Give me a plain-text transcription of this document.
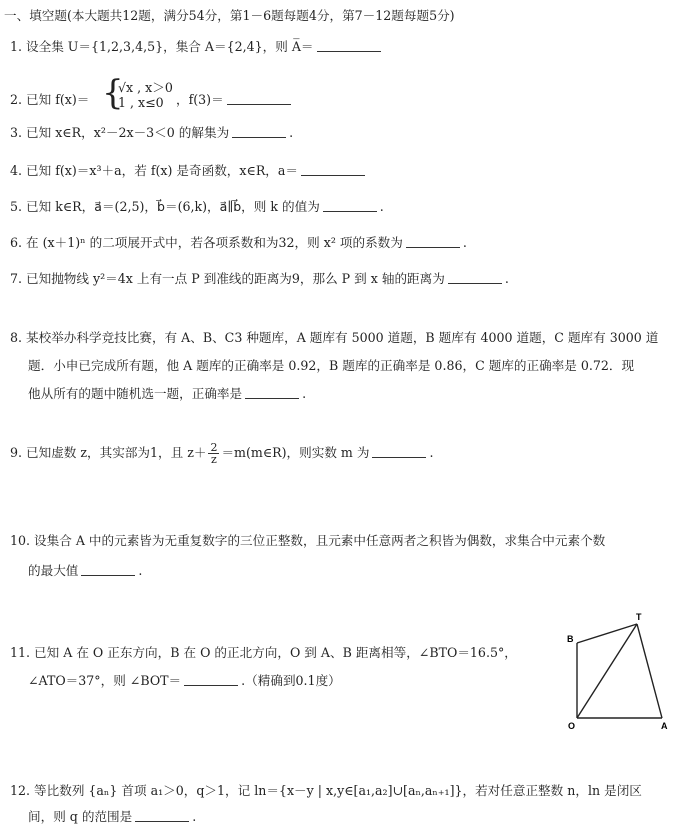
一、填空题(本大题共12题，满分54分，第1－6题每题4分，第7－12题每题5分)
1. 设全集 U＝{1,2,3,4,5}，集合 A＝{2,4}，则 A̅＝
2. 已知 f(x)＝ {
√x , x＞0
1 , x≤0 ，f(3)＝
3. 已知 x∈R，x²－2x－3＜0 的解集为	.
4. 已知 f(x)＝x³＋a，若 f(x) 是奇函数，x∈R，a＝
5. 已知 k∈R，a⃗＝(2,5)，b⃗＝(6,k)，a⃗∥b⃗，则 k 的值为	.
6. 在 (x＋1)ⁿ 的二项展开式中，若各项系数和为32，则 x² 项的系数为	.
7. 已知抛物线 y²＝4x 上有一点 P 到准线的距离为9，那么 P 到 x 轴的距离为	.
8. 某校举办科学竞技比赛，有 A、B、C3 种题库，A 题库有 5000 道题，B 题库有 4000 道题，C 题库有 3000 道
题．小申已完成所有题，他 A 题库的正确率是 0.92，B 题库的正确率是 0.86，C 题库的正确率是 0.72．现
他从所有的题中随机选一题，正确率是	.
9. 已知虚数 z，其实部为1，且 $z+ \frac{2}{z}$ ＝m(m∈R)，则实数 m 为	.
10. 设集合 A 中的元素皆为无重复数字的三位正整数，且元素中任意两者之积皆为偶数，求集合中元素个数
的最大值	.
11. 已知 A 在 O 正东方向，B 在 O 的正北方向，O 到 A、B 距离相等，∠BTO＝16.5°，
∠ATO＝37°，则 ∠BOT＝	.（精确到0.1度）
B
T
O	A
12. 等比数列 {aₙ} 首项 a₁＞0，q＞1，记 ln＝{x－y | x,y∈[a₁,a₂]∪[aₙ,aₙ₊₁]}，若对任意正整数 n，ln 是闭区
间，则 q 的范围是	.
